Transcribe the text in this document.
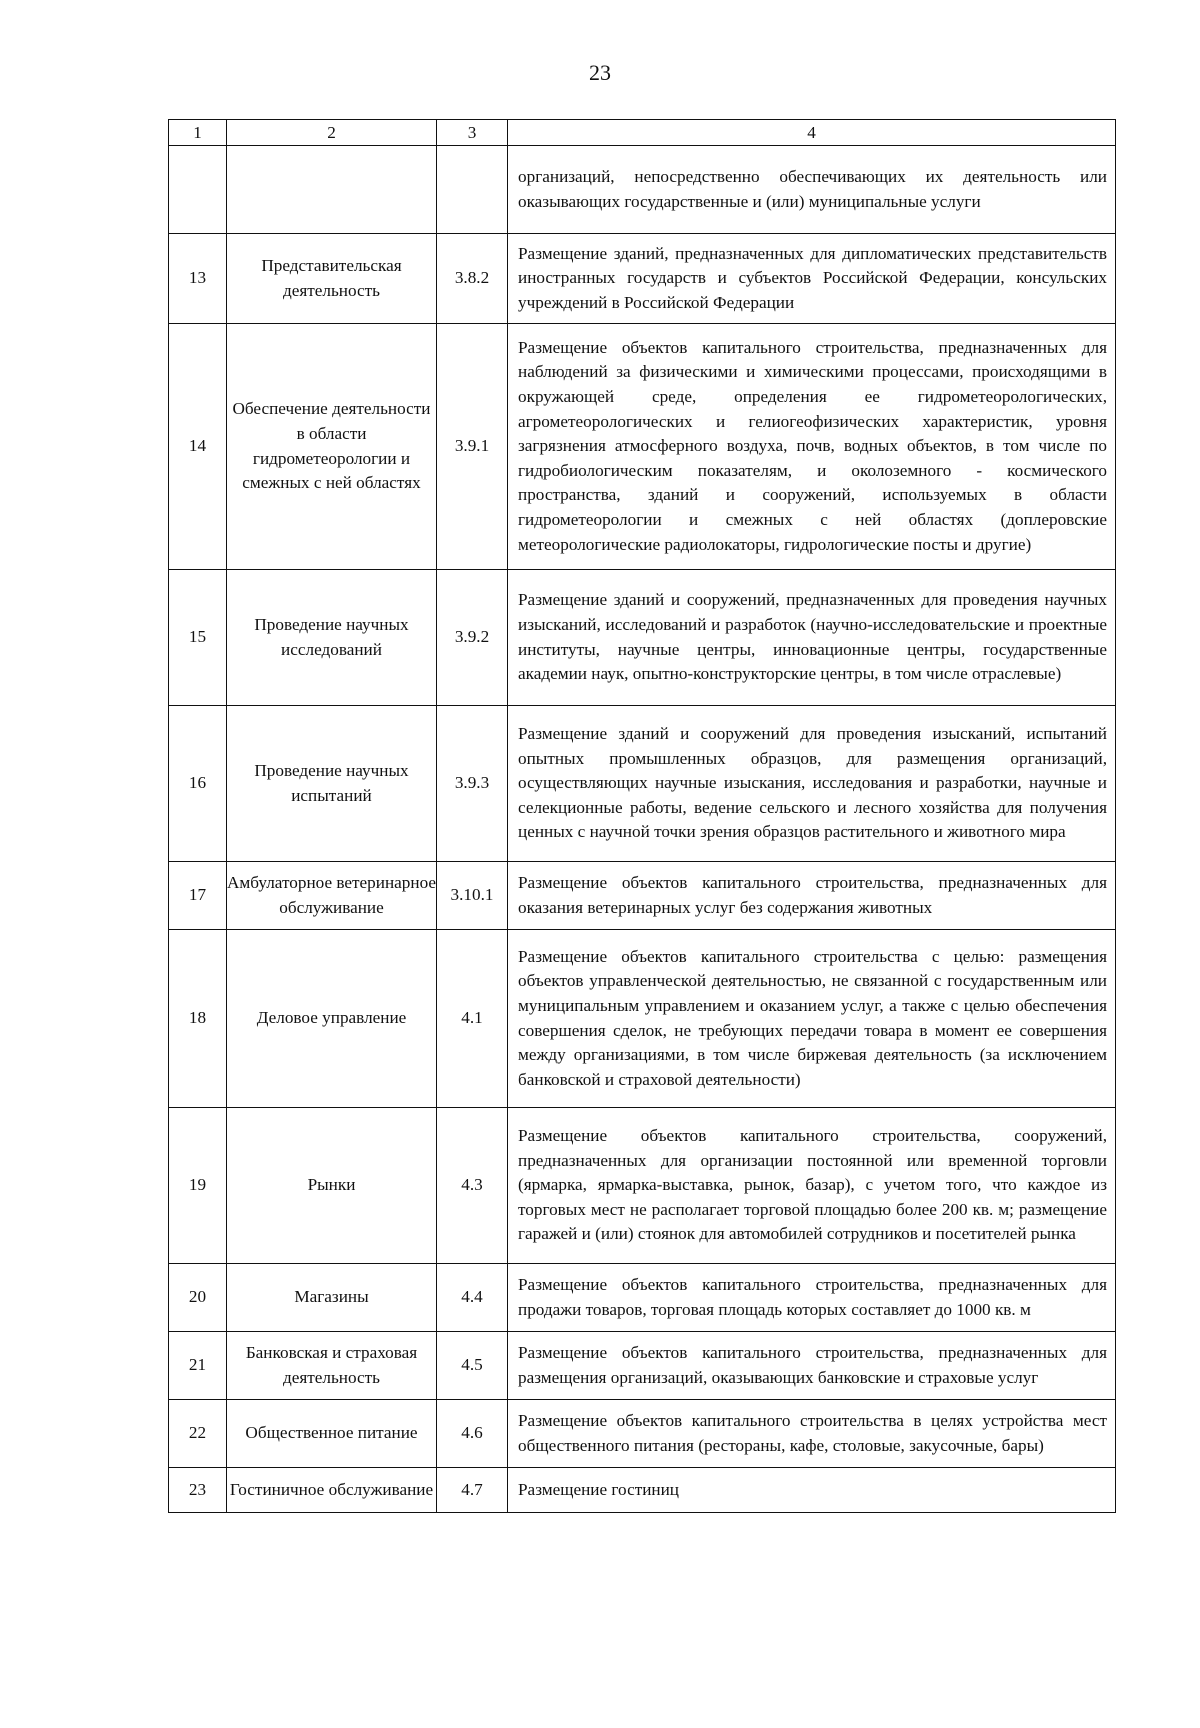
23
1	2	3	4
			организаций, непосредственно обеспечивающих их деятельность или оказывающих государственные и (или) муниципальные услуги
13	Представительская деятельность	3.8.2	Размещение зданий, предназначенных для дипломатических представительств иностранных государств и субъектов Российской Федерации, консульских учреждений в Российской Федерации
14	Обеспечение деятельности в области гидрометеорологии и смежных с ней областях	3.9.1	Размещение объектов капитального строительства, предназначенных для наблюдений за физическими и химическими процессами, происходящими в окружающей среде, определения ее гидрометеорологических, агрометеорологических и гелиогеофизических характеристик, уровня загрязнения атмосферного воздуха, почв, водных объектов, в том числе по гидробиологическим показателям, и околоземного - космического пространства, зданий и сооружений, используемых в области гидрометеорологии и смежных с ней областях (доплеровские метеорологические радиолокаторы, гидрологические посты и другие)
15	Проведение научных исследований	3.9.2	Размещение зданий и сооружений, предназначенных для проведения научных изысканий, исследований и разработок (научно-исследовательские и проектные институты, научные центры, инновационные центры, государственные академии наук, опытно-конструкторские центры, в том числе отраслевые)
16	Проведение научных испытаний	3.9.3	Размещение зданий и сооружений для проведения изысканий, испытаний опытных промышленных образцов, для размещения организаций, осуществляющих научные изыскания, исследования и разработки, научные и селекционные работы, ведение сельского и лесного хозяйства для получения ценных с научной точки зрения образцов растительного и животного мира
17	Амбулаторное ветеринарное обслуживание	3.10.1	Размещение объектов капитального строительства, предназначенных для оказания ветеринарных услуг без содержания животных
18	Деловое управление	4.1	Размещение объектов капитального строительства с целью: размещения объектов управленческой деятельностью, не связанной с государственным или муниципальным управлением и оказанием услуг, а также с целью обеспечения совершения сделок, не требующих передачи товара в момент ее совершения между организациями, в том числе биржевая деятельность (за исключением банковской и страховой деятельности)
19	Рынки	4.3	Размещение объектов капитального строительства, сооружений, предназначенных для организации постоянной или временной торговли (ярмарка, ярмарка-выставка, рынок, базар), с учетом того, что каждое из торговых мест не располагает торговой площадью более 200 кв. м; размещение гаражей и (или) стоянок для автомобилей сотрудников и посетителей рынка
20	Магазины	4.4	Размещение объектов капитального строительства, предназначенных для продажи товаров, торговая площадь которых составляет до 1000 кв. м
21	Банковская и страховая деятельность	4.5	Размещение объектов капитального строительства, предназначенных для размещения организаций, оказывающих банковские и страховые услуг
22	Общественное питание	4.6	Размещение объектов капитального строительства в целях устройства мест общественного питания (рестораны, кафе, столовые, закусочные, бары)
23	Гостиничное обслуживание	4.7	Размещение гостиниц
